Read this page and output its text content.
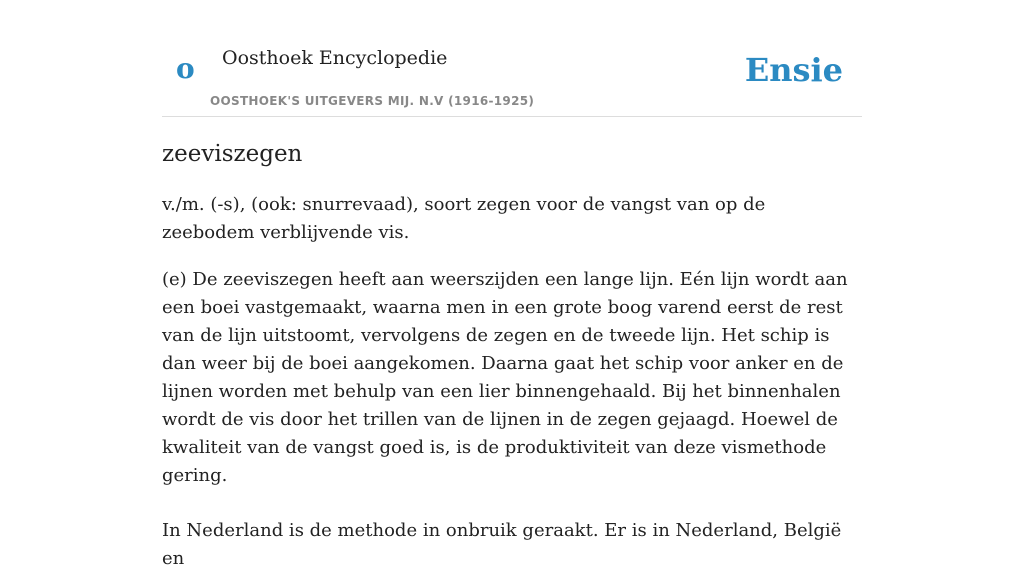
o Oosthoek Encyclopedie
OOSTHOEK'S UITGEVERS MIJ. N.V (1916-1925)
Ensie
zeeviszegen

v./m. (-s), (ook: snurrevaad), soort zegen voor de vangst van op de zeebodem verblijvende vis.

(e) De zeeviszegen heeft aan weerszijden een lange lijn. Eén lijn wordt aan een boei vastgemaakt, waarna men in een grote boog varend eerst de rest van de lijn uitstoomt, vervolgens de zegen en de tweede lijn. Het schip is dan weer bij de boei aangekomen. Daarna gaat het schip voor anker en de lijnen worden met behulp van een lier binnengehaald. Bij het binnenhalen wordt de vis door het trillen van de lijnen in de zegen gejaagd. Hoewel de kwaliteit van de vangst goed is, is de produktiviteit van deze vismethode gering.

In Nederland is de methode in onbruik geraakt. Er is in Nederland, België en
